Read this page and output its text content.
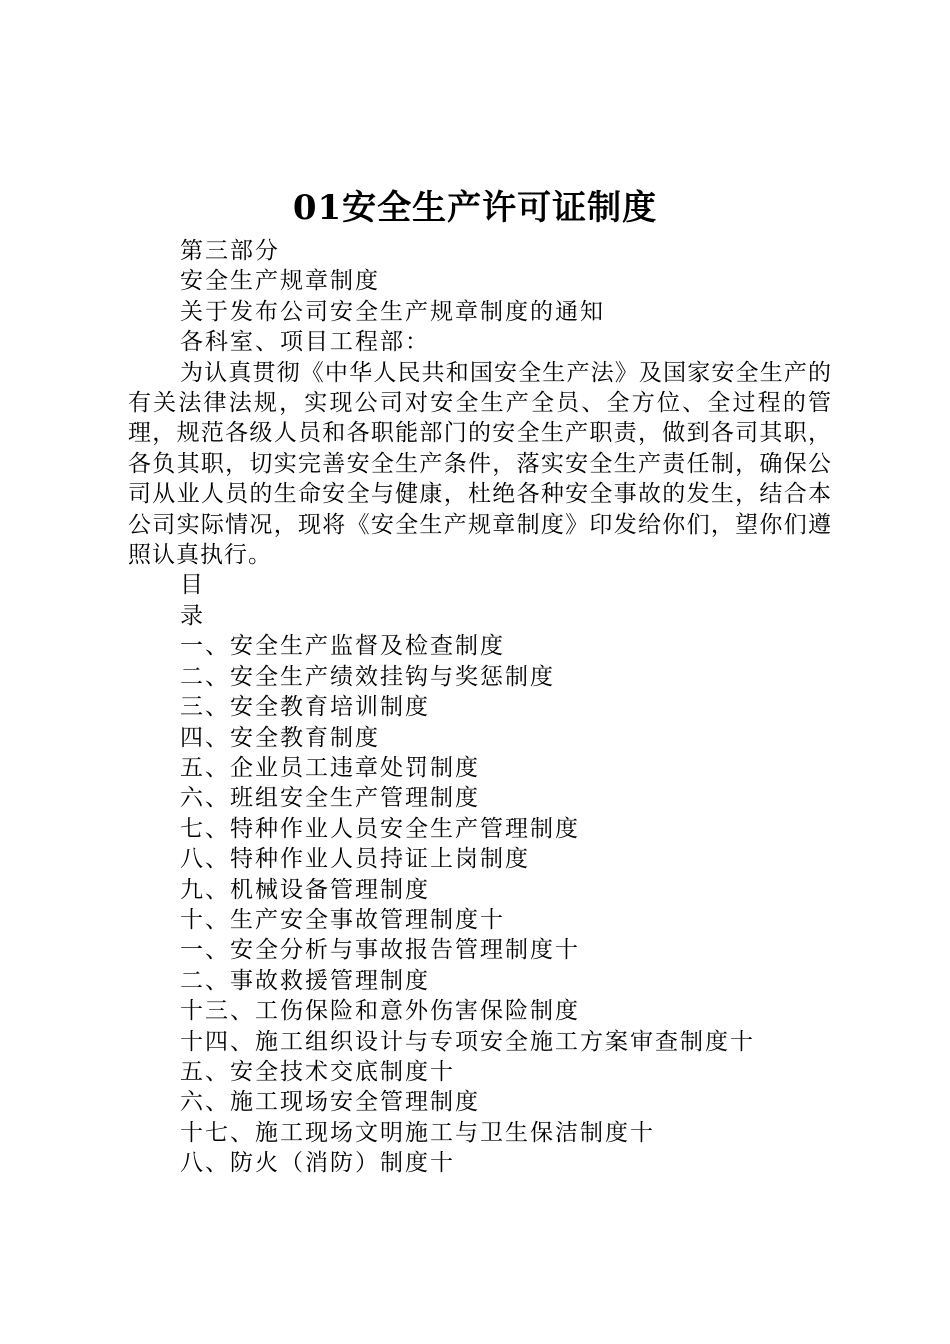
01安全生产许可证制度
第三部分
安全生产规章制度
关于发布公司安全生产规章制度的通知
各科室、项目工程部：
为认真贯彻《中华人民共和国安全生产法》及国家安全生产的有关法律法规，实现公司对安全生产全员、全方位、全过程的管理，规范各级人员和各职能部门的安全生产职责，做到各司其职，各负其职，切实完善安全生产条件，落实安全生产责任制，确保公司从业人员的生命安全与健康，杜绝各种安全事故的发生，结合本公司实际情况，现将《安全生产规章制度》印发给你们，望你们遵照认真执行。
目
录
一、安全生产监督及检查制度
二、安全生产绩效挂钩与奖惩制度
三、安全教育培训制度
四、安全教育制度
五、企业员工违章处罚制度
六、班组安全生产管理制度
七、特种作业人员安全生产管理制度
八、特种作业人员持证上岗制度
九、机械设备管理制度
十、生产安全事故管理制度十
一、安全分析与事故报告管理制度十
二、事故救援管理制度
十三、工伤保险和意外伤害保险制度
十四、施工组织设计与专项安全施工方案审查制度十
五、安全技术交底制度十
六、施工现场安全管理制度
十七、施工现场文明施工与卫生保洁制度十
八、防火（消防）制度十
